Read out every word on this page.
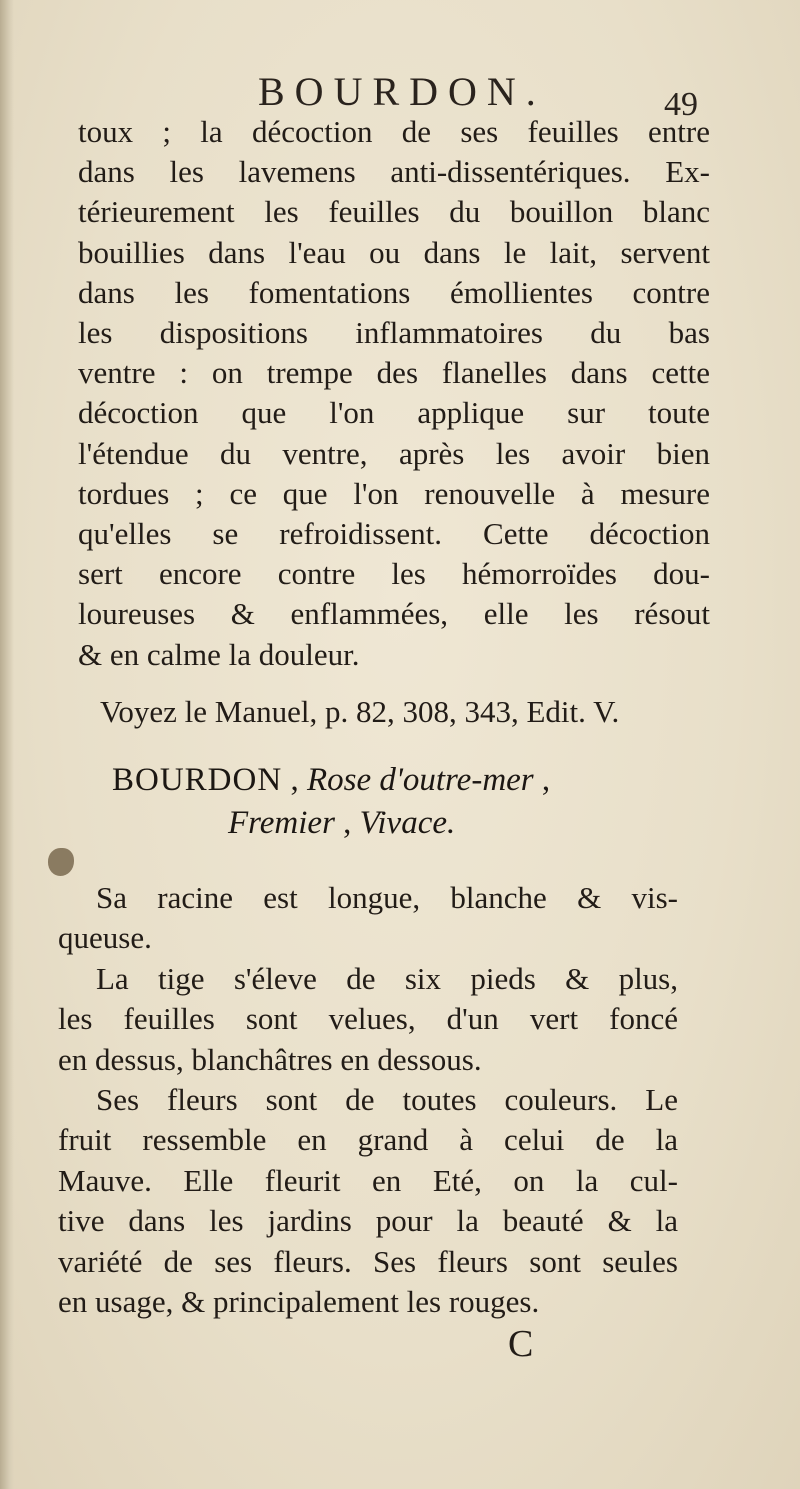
BOURDON.	49
toux ; la décoction de ses feuilles entre
dans les lavemens anti-dissentériques. Ex-
térieurement les feuilles du bouillon blanc
bouillies dans l'eau ou dans le lait, servent
dans les fomentations émollientes contre
les dispositions inflammatoires du bas
ventre : on trempe des flanelles dans cette
décoction que l'on applique sur toute
l'étendue du ventre, après les avoir bien
tordues ; ce que l'on renouvelle à mesure
qu'elles se refroidissent. Cette décoction
sert encore contre les hémorroïdes dou-
loureuses & enflammées, elle les résout
& en calme la douleur.
Voyez le Manuel, p. 82, 308, 343, Edit. V.
BOURDON , Rose d'outre-mer ,
Fremier , Vivace.
Sa racine est longue, blanche & vis-
queuse.
La tige s'éleve de six pieds & plus,
les feuilles sont velues, d'un vert foncé
en dessus, blanchâtres en dessous.
Ses fleurs sont de toutes couleurs. Le
fruit ressemble en grand à celui de la
Mauve. Elle fleurit en Eté, on la cul-
tive dans les jardins pour la beauté & la
variété de ses fleurs. Ses fleurs sont seules
en usage, & principalement les rouges.
C
